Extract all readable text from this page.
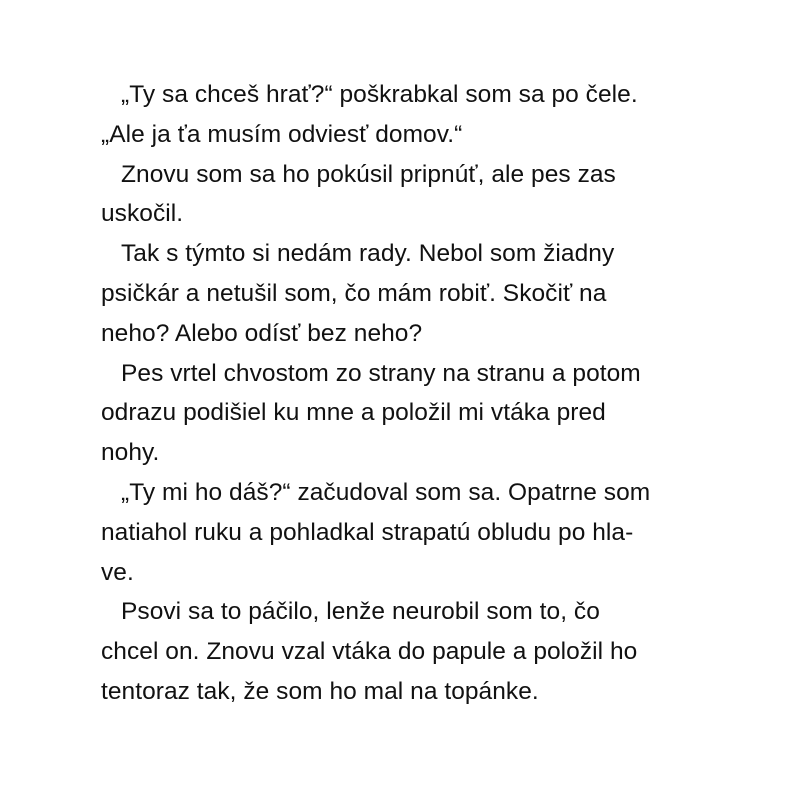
„Ty sa chceš hrať?“ poškrabkal som sa po čele.
„Ale ja ťa musím odviesť domov.“
Znovu som sa ho pokúsil pripnúť, ale pes zas
uskočil.
Tak s týmto si nedám rady. Nebol som žiadny
psičkár a netušil som, čo mám robiť. Skočiť na
neho? Alebo odísť bez neho?
Pes vrtel chvostom zo strany na stranu a potom
odrazu podišiel ku mne a položil mi vtáka pred
nohy.
„Ty mi ho dáš?“ začudoval som sa. Opatrne som
natiahol ruku a pohladkal strapatú obludu po hla-
ve.
Psovi sa to páčilo, lenže neurobil som to, čo
chcel on. Znovu vzal vtáka do papule a položil ho
tentoraz tak, že som ho mal na topánke.
